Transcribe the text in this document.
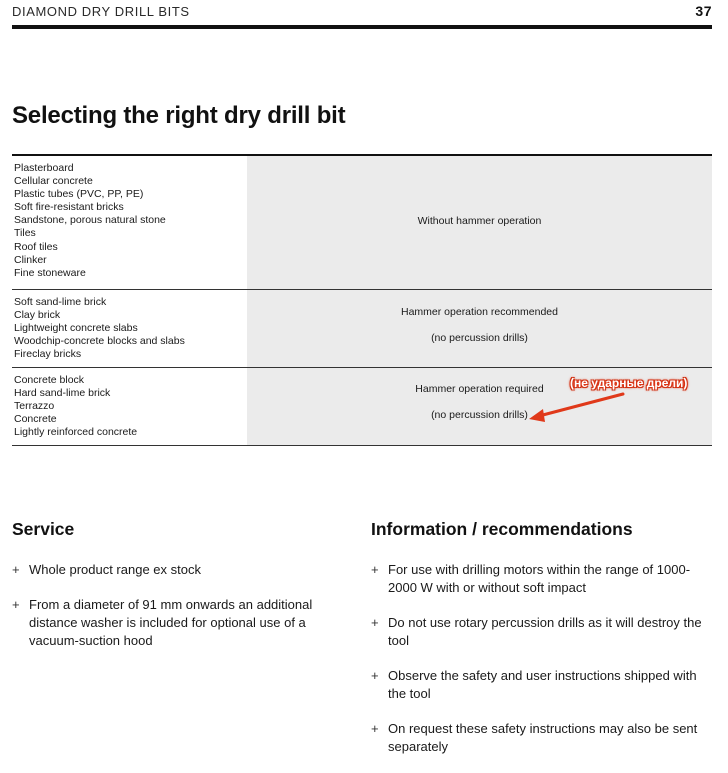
DIAMOND DRY DRILL BITS	37
Selecting the right dry drill bit
Plasterboard
Cellular concrete
Plastic tubes (PVC, PP, PE)
Soft fire-resistant bricks
Sandstone, porous natural stone
Tiles
Roof tiles
Clinker
Fine stoneware
Without hammer operation
Soft sand-lime brick
Clay brick
Lightweight concrete slabs
Woodchip-concrete blocks and slabs
Fireclay bricks
Hammer operation recommended
(no percussion drills)
Concrete block
Hard sand-lime brick
Terrazzo
Concrete
Lightly reinforced concrete
Hammer operation required
(no percussion drills)
(не ударные дрели)
Service
+ Whole product range ex stock
+ From a diameter of 91 mm onwards an additional distance washer is included for optional use of a vacuum-suction hood
Information / recommendations
+ For use with drilling motors within the range of 1000-2000 W with or without soft impact
+ Do not use rotary percussion drills as it will destroy the tool
+ Observe the safety and user instructions shipped with the tool
+ On request these safety instructions may also be sent separately
